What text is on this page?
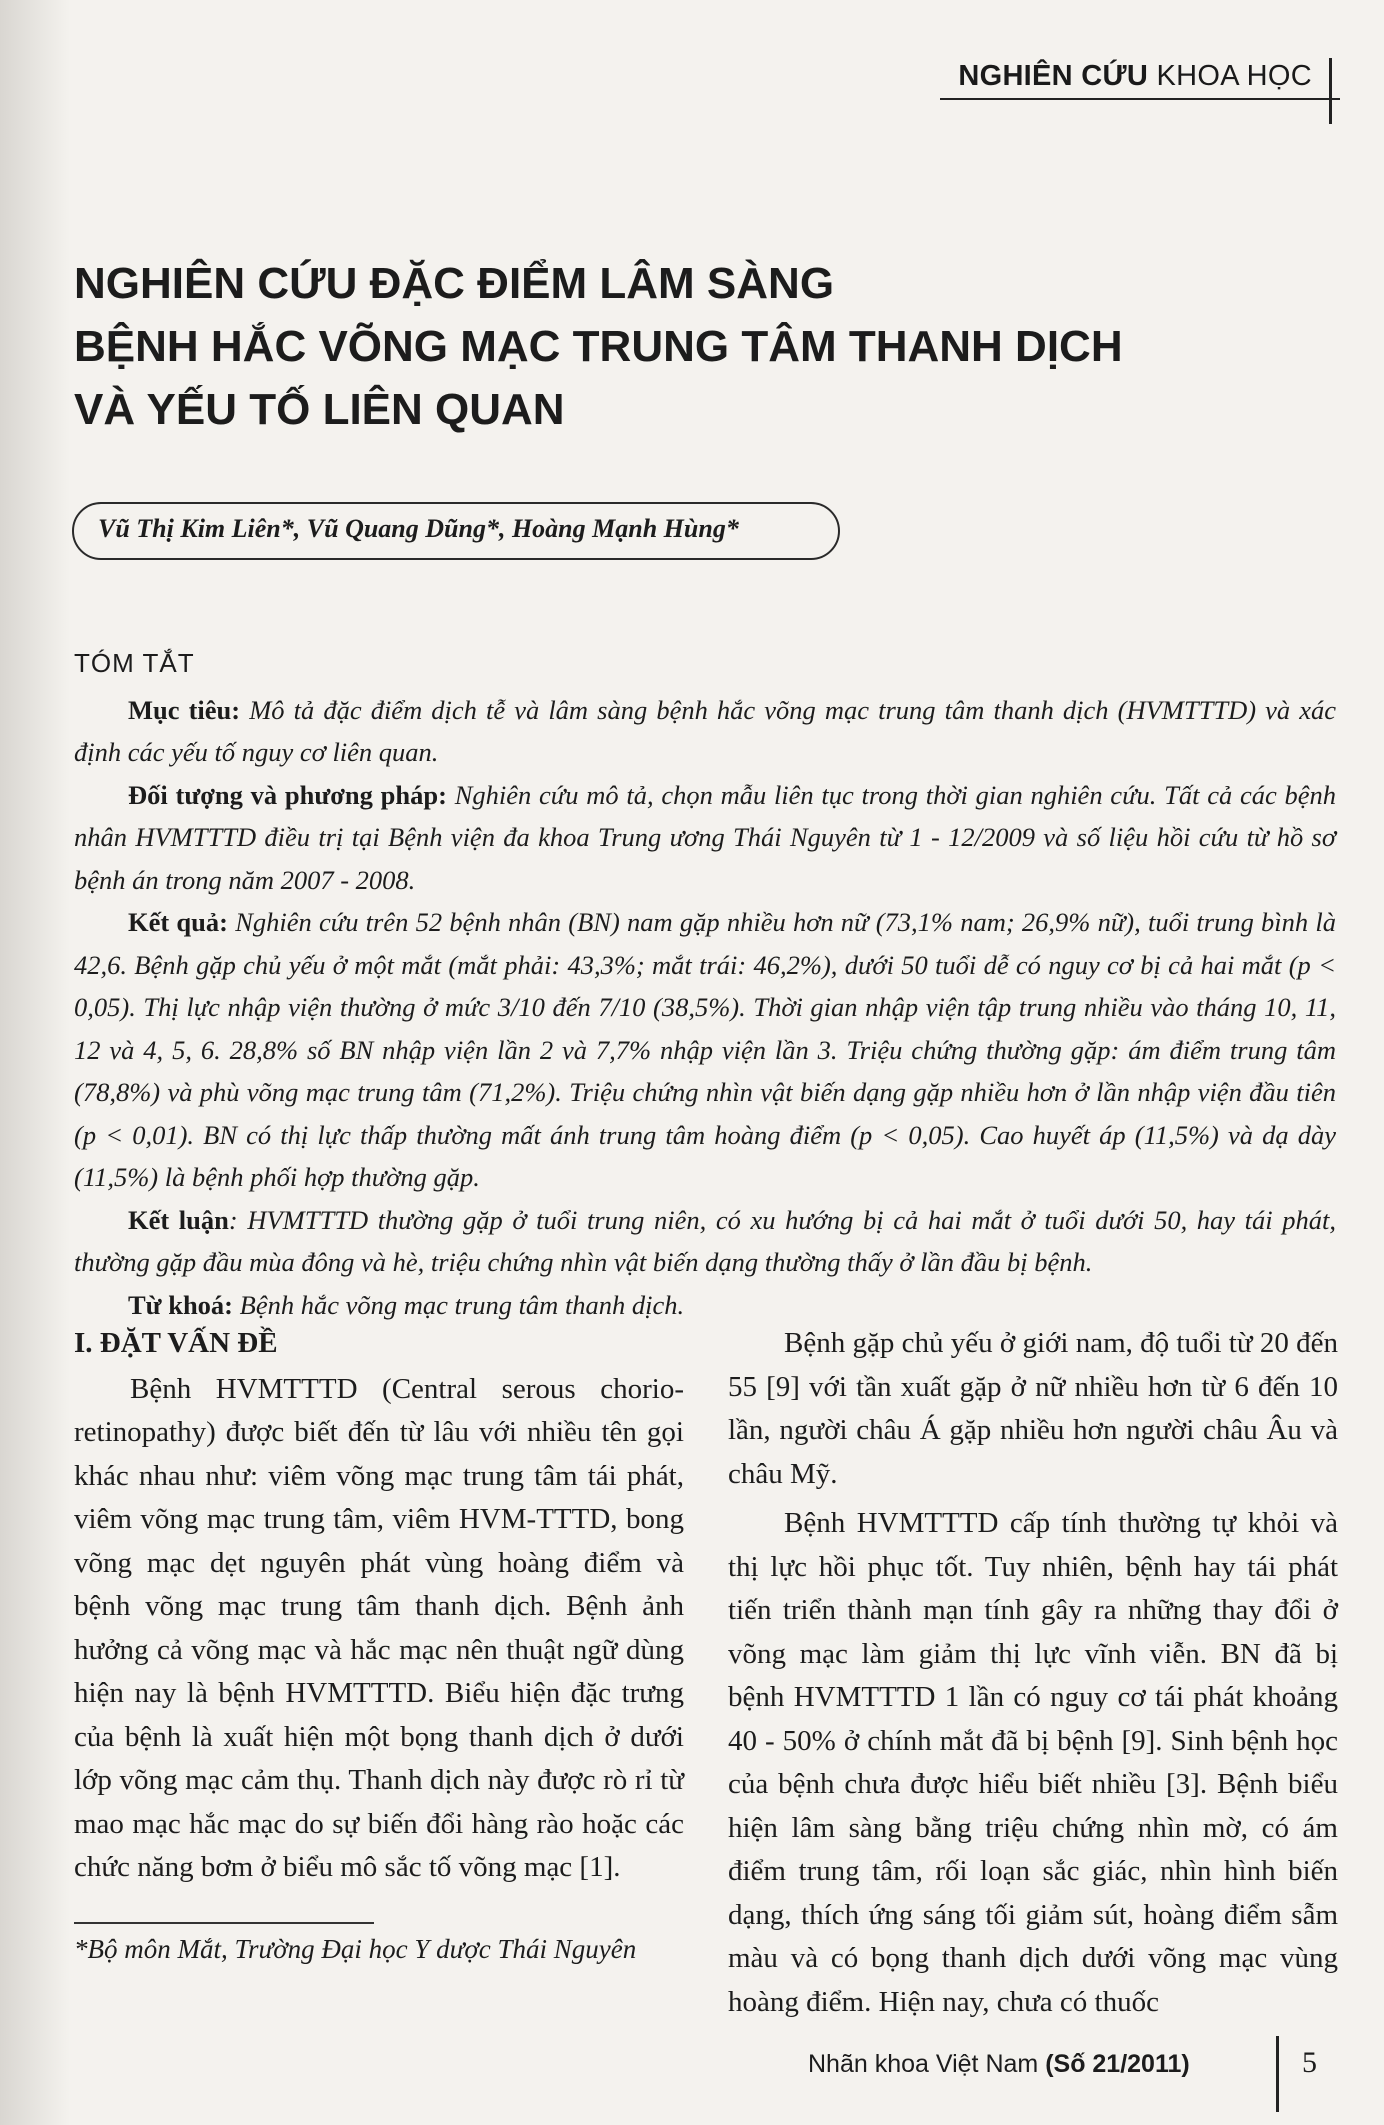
NGHIÊN CỨU KHOA HỌC
NGHIÊN CỨU ĐẶC ĐIỂM LÂM SÀNG
BỆNH HẮC VÕNG MẠC TRUNG TÂM THANH DỊCH
VÀ YẾU TỐ LIÊN QUAN
Vũ Thị Kim Liên*, Vũ Quang Dũng*, Hoàng Mạnh Hùng*
TÓM TẮT

Mục tiêu: Mô tả đặc điểm dịch tễ và lâm sàng bệnh hắc võng mạc trung tâm thanh dịch (HVMTTTD) và xác định các yếu tố nguy cơ liên quan.

Đối tượng và phương pháp: Nghiên cứu mô tả, chọn mẫu liên tục trong thời gian nghiên cứu. Tất cả các bệnh nhân HVMTTTD điều trị tại Bệnh viện đa khoa Trung ương Thái Nguyên từ 1 - 12/2009 và số liệu hồi cứu từ hồ sơ bệnh án trong năm 2007 - 2008.

Kết quả: Nghiên cứu trên 52 bệnh nhân (BN) nam gặp nhiều hơn nữ (73,1% nam; 26,9% nữ), tuổi trung bình là 42,6. Bệnh gặp chủ yếu ở một mắt (mắt phải: 43,3%; mắt trái: 46,2%), dưới 50 tuổi dễ có nguy cơ bị cả hai mắt (p < 0,05). Thị lực nhập viện thường ở mức 3/10 đến 7/10 (38,5%). Thời gian nhập viện tập trung nhiều vào tháng 10, 11, 12 và 4, 5, 6. 28,8% số BN nhập viện lần 2 và 7,7% nhập viện lần 3. Triệu chứng thường gặp: ám điểm trung tâm (78,8%) và phù võng mạc trung tâm (71,2%). Triệu chứng nhìn vật biến dạng gặp nhiều hơn ở lần nhập viện đầu tiên (p < 0,01). BN có thị lực thấp thường mất ánh trung tâm hoàng điểm (p < 0,05). Cao huyết áp (11,5%) và dạ dày (11,5%) là bệnh phối hợp thường gặp.

Kết luận: HVMTTTD thường gặp ở tuổi trung niên, có xu hướng bị cả hai mắt ở tuổi dưới 50, hay tái phát, thường gặp đầu mùa đông và hè, triệu chứng nhìn vật biến dạng thường thấy ở lần đầu bị bệnh.

Từ khoá: Bệnh hắc võng mạc trung tâm thanh dịch.

I. ĐẶT VẤN ĐỀ

Bệnh HVMTTTD (Central serous chorio-retinopathy) được biết đến từ lâu với nhiều tên gọi khác nhau như: viêm võng mạc trung tâm tái phát, viêm võng mạc trung tâm, viêm HVM-TTTD, bong võng mạc dẹt nguyên phát vùng hoàng điểm và bệnh võng mạc trung tâm thanh dịch. Bệnh ảnh hưởng cả võng mạc và hắc mạc nên thuật ngữ dùng hiện nay là bệnh HVMTTTD. Biểu hiện đặc trưng của bệnh là xuất hiện một bọng thanh dịch ở dưới lớp võng mạc cảm thụ. Thanh dịch này được rò rỉ từ mao mạc hắc mạc do sự biến đổi hàng rào hoặc các chức năng bơm ở biểu mô sắc tố võng mạc [1].

Bệnh gặp chủ yếu ở giới nam, độ tuổi từ 20 đến 55 [9] với tần xuất gặp ở nữ nhiều hơn từ 6 đến 10 lần, người châu Á gặp nhiều hơn người châu Âu và châu Mỹ.

Bệnh HVMTTTD cấp tính thường tự khỏi và thị lực hồi phục tốt. Tuy nhiên, bệnh hay tái phát tiến triển thành mạn tính gây ra những thay đổi ở võng mạc làm giảm thị lực vĩnh viễn. BN đã bị bệnh HVMTTTD 1 lần có nguy cơ tái phát khoảng 40 - 50% ở chính mắt đã bị bệnh [9]. Sinh bệnh học của bệnh chưa được hiểu biết nhiều [3]. Bệnh biểu hiện lâm sàng bằng triệu chứng nhìn mờ, có ám điểm trung tâm, rối loạn sắc giác, nhìn hình biến dạng, thích ứng sáng tối giảm sút, hoàng điểm sẫm màu và có bọng thanh dịch dưới võng mạc vùng hoàng điểm. Hiện nay, chưa có thuốc

*Bộ môn Mắt, Trường Đại học Y dược Thái Nguyên
Nhãn khoa Việt Nam (Số 21/2011)	5
